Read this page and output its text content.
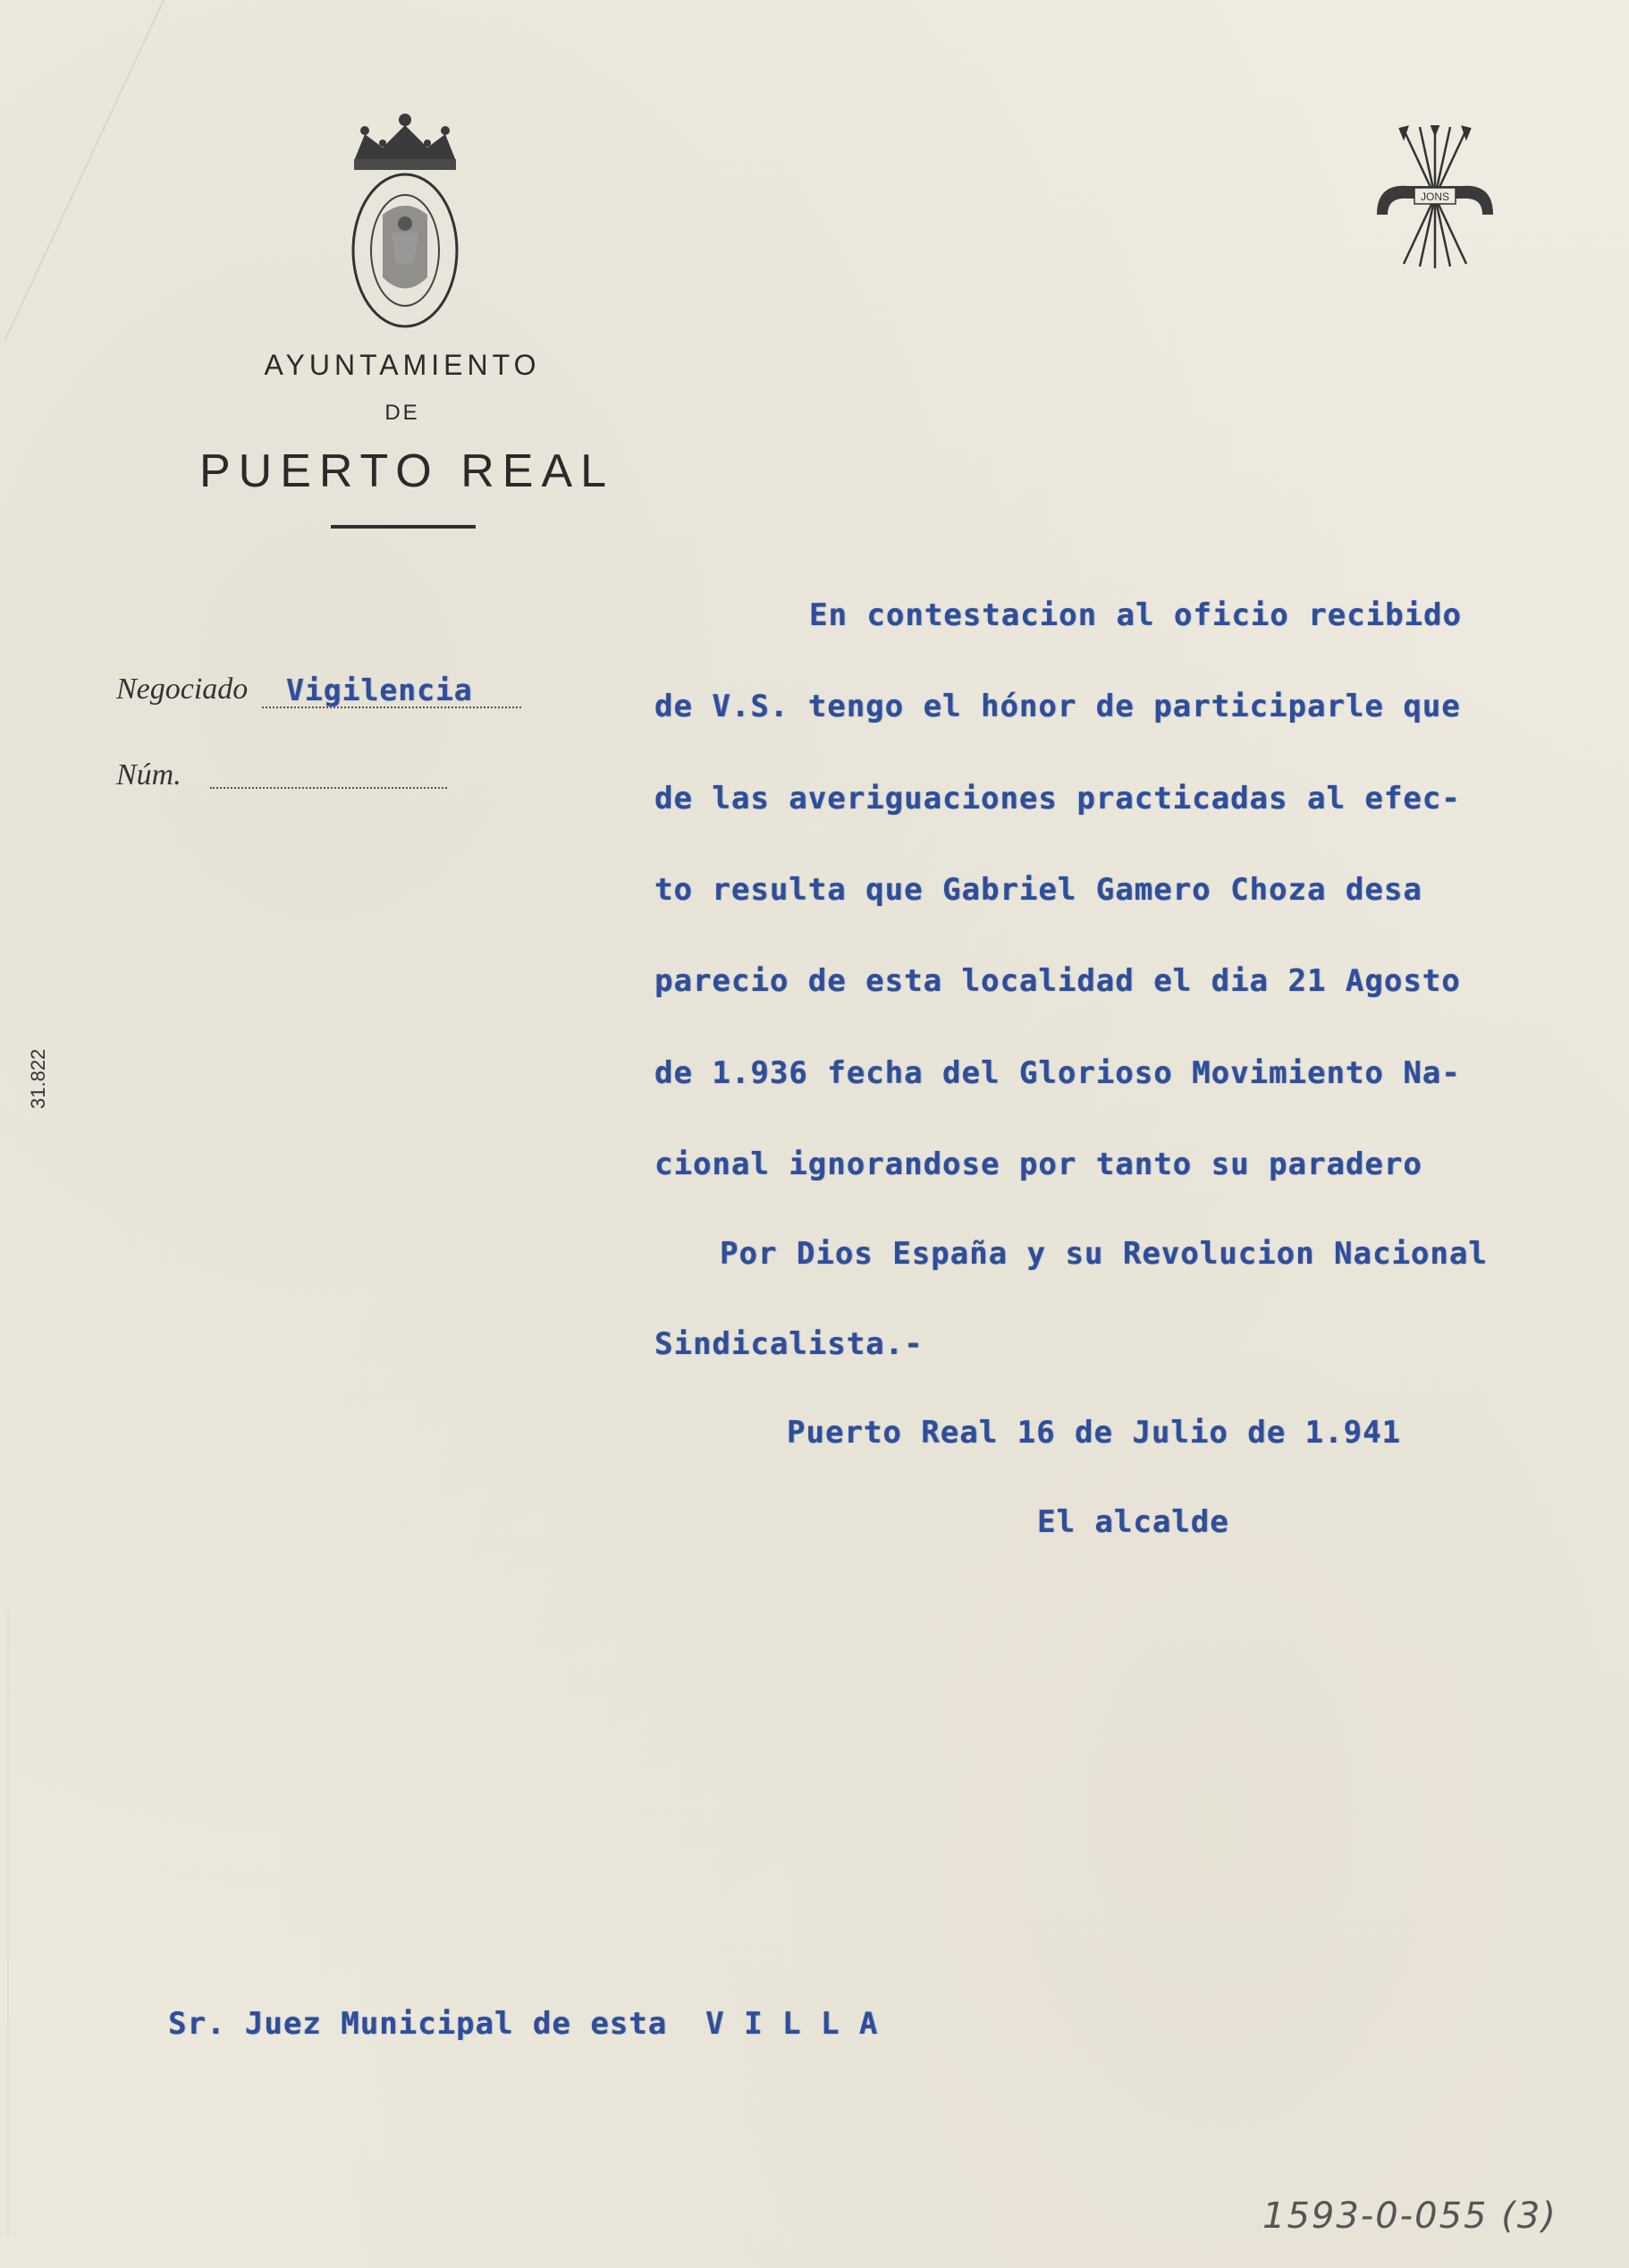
JONS
AYUNTAMIENTO
DE
PUERTO REAL
Negociado Vigilencia
Núm.
31.822
En contestacion al oficio recibido
de V.S. tengo el hónor de participarle que
de las averiguaciones practicadas al efec-
to resulta que Gabriel Gamero Choza desa
parecio de esta localidad el dia 21 Agosto
de 1.936 fecha del Glorioso Movimiento Na-
cional ignorandose por tanto su paradero
Por Dios España y su Revolucion Nacional
Sindicalista.-
Puerto Real 16 de Julio de 1.941
El alcalde
Sr. Juez Municipal de esta  V I L L A
1593-0-055 (3)
